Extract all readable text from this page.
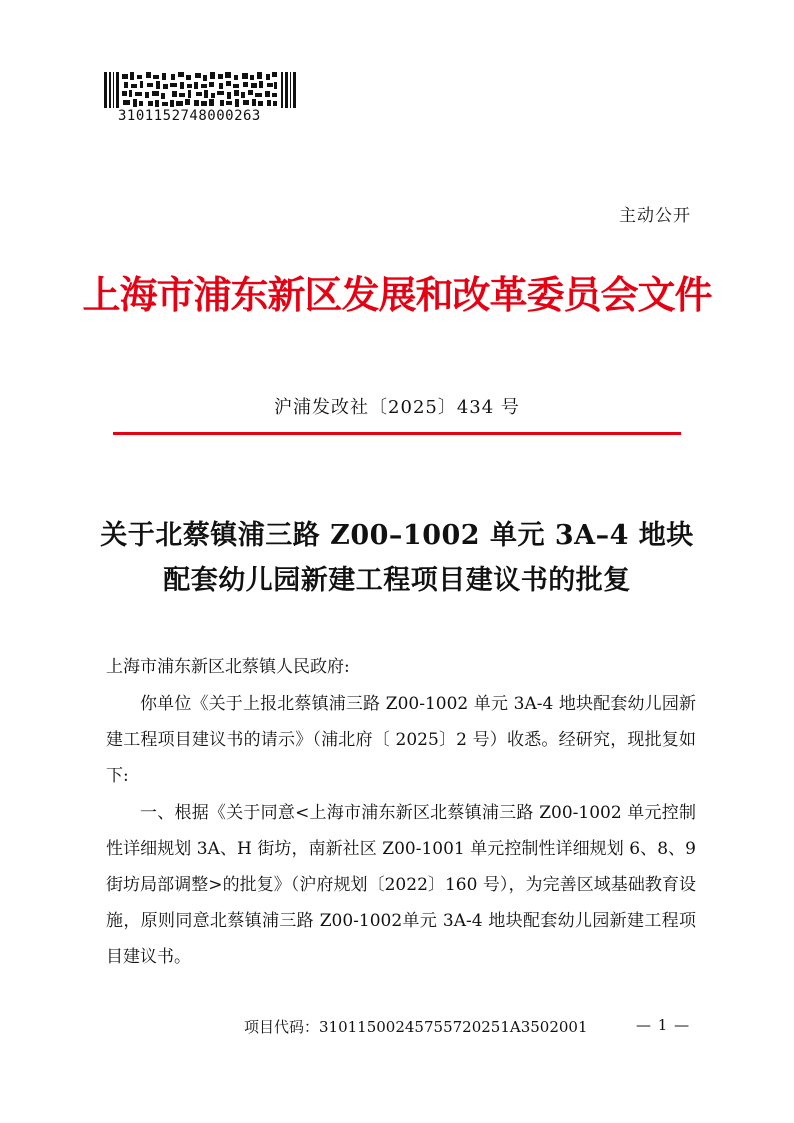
3101152748000263
主动公开
上海市浦东新区发展和改革委员会文件
沪浦发改社〔2025〕434 号
关于北蔡镇浦三路 Z00–1002 单元 3A–4 地块
配套幼儿园新建工程项目建议书的批复
上海市浦东新区北蔡镇人民政府:
你单位《关于上报北蔡镇浦三路 Z00-1002 单元 3A-4 地块配套幼儿园新建工程项目建议书的请示》（浦北府〔 2025〕2 号）收悉。经研究，现批复如下:
一、根据《关于同意<上海市浦东新区北蔡镇浦三路 Z00-1002 单元控制性详细规划 3A、H 街坊，南新社区 Z00-1001 单元控制性详细规划 6、8、9 街坊局部调整>的批复》（沪府规划〔2022〕160 号），为完善区域基础教育设施，原则同意北蔡镇浦三路 Z00-1002单元 3A-4 地块配套幼儿园新建工程项目建议书。
项目代码：31011500245755720251A3502001	— 1 —
